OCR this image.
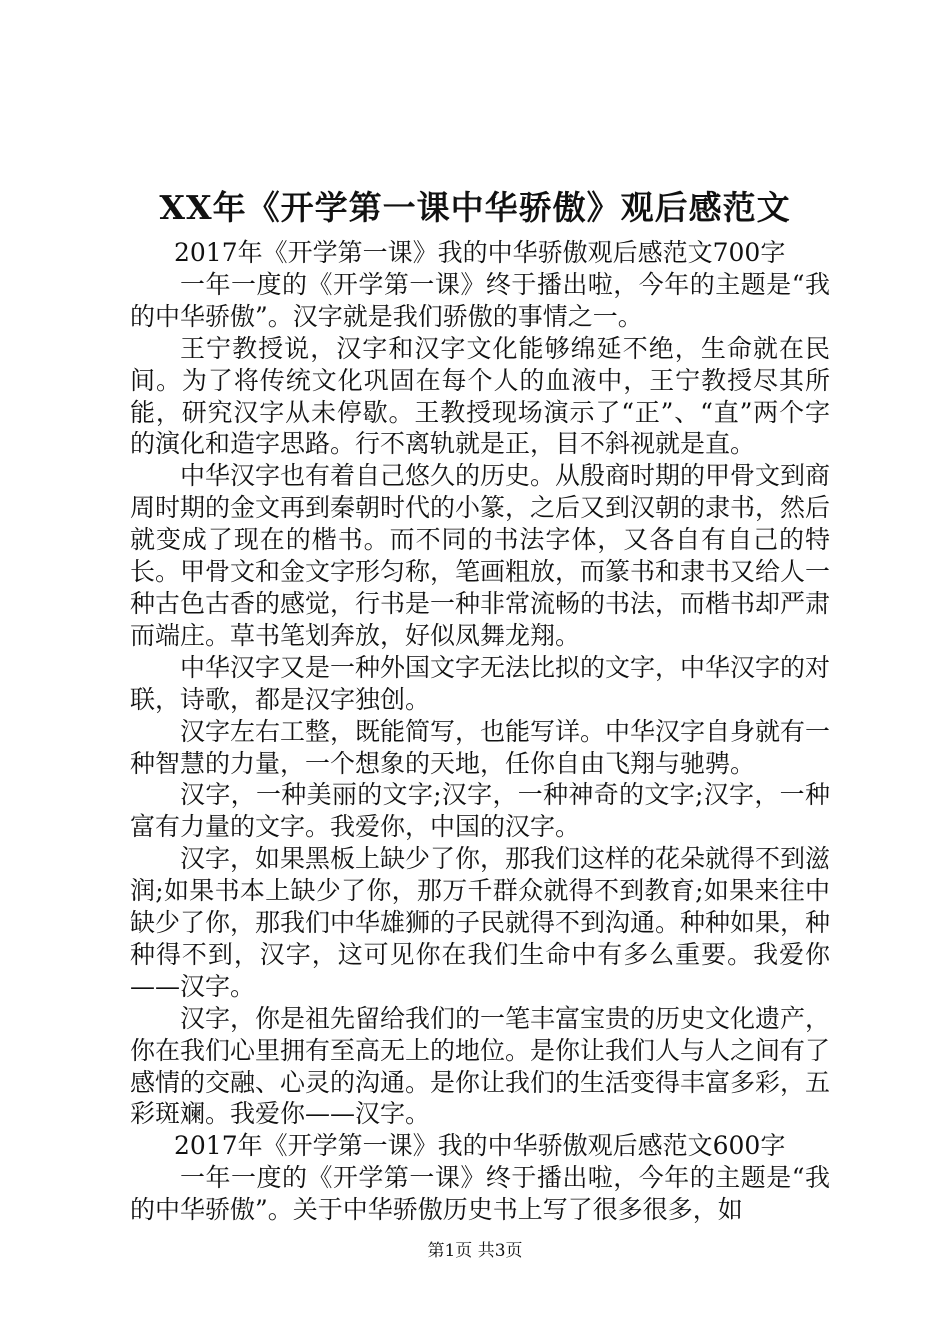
XX年《开学第一课中华骄傲》观后感范文

2017年《开学第一课》我的中华骄傲观后感范文700字

一年一度的《开学第一课》终于播出啦，今年的主题是“我的中华骄傲”。汉字就是我们骄傲的事情之一。

王宁教授说，汉字和汉字文化能够绵延不绝，生命就在民间。为了将传统文化巩固在每个人的血液中，王宁教授尽其所能，研究汉字从未停歇。王教授现场演示了“正”、“直”两个字的演化和造字思路。行不离轨就是正，目不斜视就是直。

中华汉字也有着自己悠久的历史。从殷商时期的甲骨文到商周时期的金文再到秦朝时代的小篆，之后又到汉朝的隶书，然后就变成了现在的楷书。而不同的书法字体，又各自有自己的特长。甲骨文和金文字形匀称，笔画粗放，而篆书和隶书又给人一种古色古香的感觉，行书是一种非常流畅的书法，而楷书却严肃而端庄。草书笔划奔放，好似凤舞龙翔。

中华汉字又是一种外国文字无法比拟的文字，中华汉字的对联，诗歌，都是汉字独创。

汉字左右工整，既能简写，也能写详。中华汉字自身就有一种智慧的力量，一个想象的天地，任你自由飞翔与驰骋。

汉字，一种美丽的文字;汉字，一种神奇的文字;汉字，一种富有力量的文字。我爱你，中国的汉字。

汉字，如果黑板上缺少了你，那我们这样的花朵就得不到滋润;如果书本上缺少了你，那万千群众就得不到教育;如果来往中缺少了你，那我们中华雄狮的子民就得不到沟通。种种如果，种种得不到，汉字，这可见你在我们生命中有多么重要。我爱你——汉字。

汉字，你是祖先留给我们的一笔丰富宝贵的历史文化遗产，你在我们心里拥有至高无上的地位。是你让我们人与人之间有了感情的交融、心灵的沟通。是你让我们的生活变得丰富多彩，五彩斑斓。我爱你——汉字。

2017年《开学第一课》我的中华骄傲观后感范文600字

一年一度的《开学第一课》终于播出啦，今年的主题是“我的中华骄傲”。关于中华骄傲历史书上写了很多很多，如

第1页 共3页
